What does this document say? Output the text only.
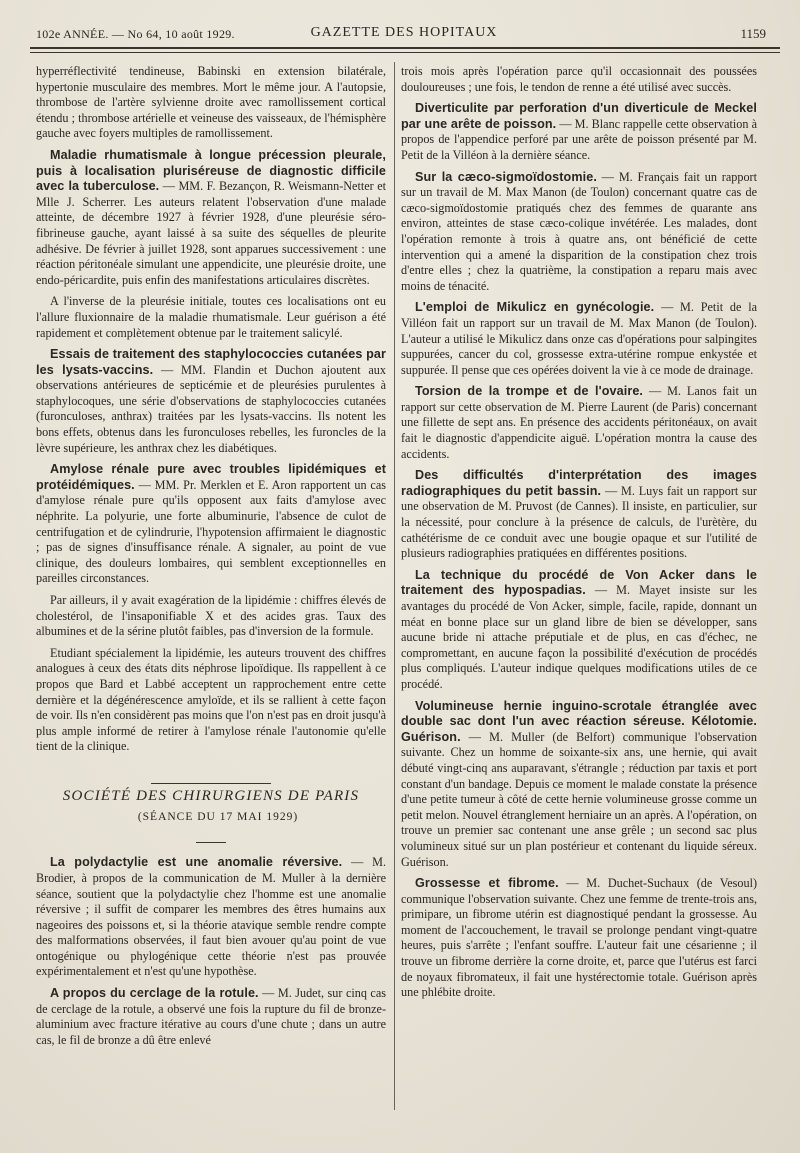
102e ANNÉE. — No 64, 10 août 1929.	GAZETTE DES HOPITAUX	1159

hyperréflectivité tendineuse, Babinski en extension bilatérale, hypertonie musculaire des membres. Mort le même jour. A l'autopsie, thrombose de l'artère sylvienne droite avec ramollissement cortical étendu ; thrombose artérielle et veineuse des vaisseaux, de l'hémisphère gauche avec foyers multiples de ramollissement.

Maladie rhumatismale à longue précession pleurale, puis à localisation pluriséreuse de diagnostic difficile avec la tuberculose. — MM. F. Bezançon, R. Weismann-Netter et Mlle J. Scherrer. Les auteurs relatent l'observation d'une malade atteinte, de décembre 1927 à février 1928, d'une pleurésie séro-fibrineuse gauche, ayant laissé à sa suite des séquelles de pleurite adhésive. De février à juillet 1928, sont apparues successivement : une réaction péritonéale simulant une appendicite, une pleurésie droite, une endo-péricardite, puis enfin des manifestations articulaires discrètes.

A l'inverse de la pleurésie initiale, toutes ces localisations ont eu l'allure fluxionnaire de la maladie rhumatismale. Leur guérison a été rapidement et complètement obtenue par le traitement salicylé.

Essais de traitement des staphylococcies cutanées par les lysats-vaccins. — MM. Flandin et Duchon ajoutent aux observations antérieures de septicémie et de pleurésies purulentes à staphylocoques, une série d'observations de staphylococcies cutanées (furonculoses, anthrax) traitées par les lysats-vaccins. Ils notent les bons effets, obtenus dans les furonculoses rebelles, les furoncles de la lèvre supérieure, les anthrax chez les diabétiques.

Amylose rénale pure avec troubles lipidémiques et protéidémiques. — MM. Pr. Merklen et E. Aron rapportent un cas d'amylose rénale pure qu'ils opposent aux faits d'amylose avec néphrite. La polyurie, une forte albuminurie, l'absence de culot de centrifugation et de cylindrurie, l'hypotension affirmaient le diagnostic ; pas de signes d'insuffisance rénale. A signaler, au point de vue clinique, des douleurs lombaires, qui semblent exceptionnelles en pareilles circonstances.

Par ailleurs, il y avait exagération de la lipidémie : chiffres élevés de cholestérol, de l'insaponifiable X et des acides gras. Taux des albumines et de la sérine plutôt faibles, pas d'inversion de la formule.

Etudiant spécialement la lipidémie, les auteurs trouvent des chiffres analogues à ceux des états dits néphrose lipoïdique. Ils rappellent à ce propos que Bard et Labbé acceptent un rapprochement entre cette dernière et la dégénérescence amyloïde, et ils se rallient à cette façon de voir. Ils n'en considèrent pas moins que l'on n'est pas en droit jusqu'à plus ample informé de retirer à l'amylose rénale l'autonomie qu'elle tient de la clinique.

SOCIÉTÉ DES CHIRURGIENS DE PARIS

(SÉANCE DU 17 MAI 1929)

La polydactylie est une anomalie réversive. — M. Brodier, à propos de la communication de M. Muller à la dernière séance, soutient que la polydactylie chez l'homme est une anomalie réversive ; il suffit de comparer les membres des êtres humains aux nageoires des poissons et, si la théorie atavique semble rendre compte des malformations observées, il faut bien avouer qu'au point de vue ontogénique ou phylogénique cette théorie n'est pas prouvée expérimentalement et n'est qu'une hypothèse.

A propos du cerclage de la rotule. — M. Judet, sur cinq cas de cerclage de la rotule, a observé une fois la rupture du fil de bronze-aluminium avec fracture itérative au cours d'une chute ; dans un autre cas, le fil de bronze a dû être enlevé

trois mois après l'opération parce qu'il occasionnait des poussées douloureuses ; une fois, le tendon de renne a été utilisé avec succès.

Diverticulite par perforation d'un diverticule de Meckel par une arête de poisson. — M. Blanc rappelle cette observation à propos de l'appendice perforé par une arête de poisson présenté par M. Petit de la Villéon à la dernière séance.

Sur la cæco-sigmoïdostomie. — M. Français fait un rapport sur un travail de M. Max Manon (de Toulon) concernant quatre cas de cæco-sigmoïdostomie pratiqués chez des femmes de quarante ans environ, atteintes de stase cæco-colique invétérée. Les malades, dont l'opération remonte à trois à quatre ans, ont bénéficié de cette intervention qui a amené la disparition de la constipation chez trois d'entre elles ; chez la quatrième, la constipation a reparu mais avec moins de ténacité.

L'emploi de Mikulicz en gynécologie. — M. Petit de la Villéon fait un rapport sur un travail de M. Max Manon (de Toulon). L'auteur a utilisé le Mikulicz dans onze cas d'opérations pour salpingites suppurées, cancer du col, grossesse extra-utérine rompue enkystée et suppurée. Il pense que ces opérées doivent la vie à ce mode de drainage.

Torsion de la trompe et de l'ovaire. — M. Lanos fait un rapport sur cette observation de M. Pierre Laurent (de Paris) concernant une fillette de sept ans. En présence des accidents péritonéaux, on avait fait le diagnostic d'appendicite aiguë. L'opération montra la cause des accidents.

Des difficultés d'interprétation des images radiographiques du petit bassin. — M. Luys fait un rapport sur une observation de M. Pruvost (de Cannes). Il insiste, en particulier, sur la nécessité, pour conclure à la présence de calculs, de l'urètère, du cathétérisme de ce conduit avec une bougie opaque et sur l'utilité de plusieurs radiographies pratiquées en différentes positions.

La technique du procédé de Von Acker dans le traitement des hypospadias. — M. Mayet insiste sur les avantages du procédé de Von Acker, simple, facile, rapide, donnant un méat en bonne place sur un gland libre de bien se développer, sans aucune bride ni attache préputiale et de plus, en cas d'échec, ne compromettant, en aucune façon la possibilité d'exécution de procédés plus compliqués. L'auteur indique quelques modifications utiles de ce procédé.

Volumineuse hernie inguino-scrotale étranglée avec double sac dont l'un avec réaction séreuse. Kélotomie. Guérison. — M. Muller (de Belfort) communique l'observation suivante. Chez un homme de soixante-six ans, une hernie, qui avait débuté vingt-cinq ans auparavant, s'étrangle ; réduction par taxis et port constant d'un bandage. Depuis ce moment le malade constate la présence d'une petite tumeur à côté de cette hernie volumineuse grosse comme un petit melon. Nouvel étranglement herniaire un an après. A l'opération, on trouve un premier sac contenant une anse grêle ; un second sac plus volumineux situé sur un plan postérieur et contenant du liquide séreux. Guérison.

Grossesse et fibrome. — M. Duchet-Suchaux (de Vesoul) communique l'observation suivante. Chez une femme de trente-trois ans, primipare, un fibrome utérin est diagnostiqué pendant la grossesse. Au moment de l'accouchement, le travail se prolonge pendant vingt-quatre heures, puis s'arrête ; l'enfant souffre. L'auteur fait une césarienne ; il trouve un fibrome derrière la corne droite, et, parce que l'utérus est farci de noyaux fibromateux, il fait une hystérectomie totale. Guérison après une phlébite droite.
